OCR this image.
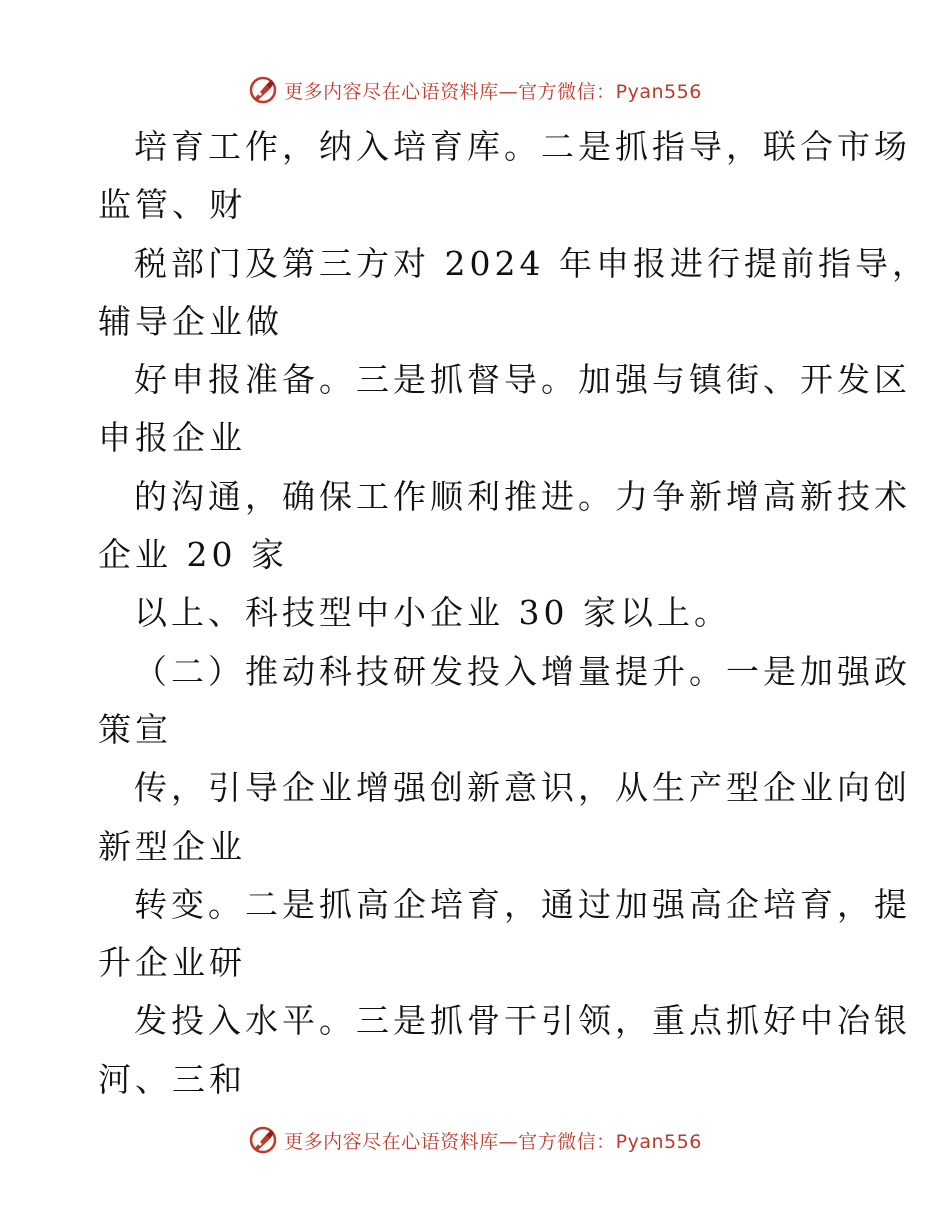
更多内容尽在心语资料库—官方微信：Pyan556
培育工作，纳入培育库。二是抓指导，联合市场
监管、财
税部门及第三方对 2024 年申报进行提前指导，
辅导企业做
好申报准备。三是抓督导。加强与镇街、开发区
申报企业
的沟通，确保工作顺利推进。力争新增高新技术
企业 20 家
以上、科技型中小企业 30 家以上。
（二）推动科技研发投入增量提升。一是加强政
策宣
传，引导企业增强创新意识，从生产型企业向创
新型企业
转变。二是抓高企培育，通过加强高企培育，提
升企业研
发投入水平。三是抓骨干引领，重点抓好中冶银
河、三和
更多内容尽在心语资料库—官方微信：Pyan556
